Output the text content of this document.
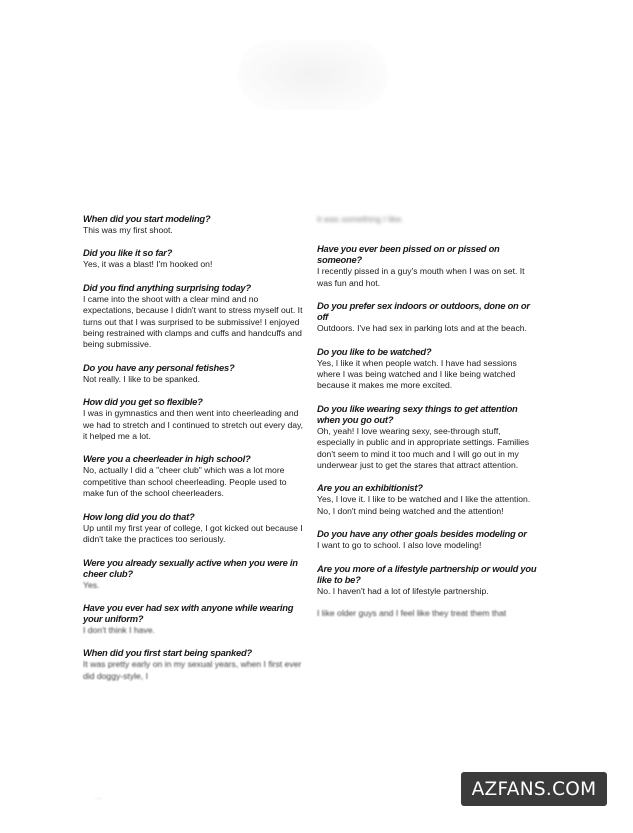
When did you start modeling?

This was my first shoot.

Did you like it so far?

Yes, it was a blast! I'm hooked on!

Did you find anything surprising today?

I came into the shoot with a clear mind and no expectations, because I didn't want to stress myself out. It turns out that I was surprised to be submissive! I enjoyed being restrained with clamps and cuffs and handcuffs and being submissive.

Do you have any personal fetishes?

Not really. I like to be spanked.

How did you get so flexible?

I was in gymnastics and then went into cheerleading and we had to stretch and I continued to stretch out every day, it helped me a lot.

Were you a cheerleader in high school?

No, actually I did a "cheer club" which was a lot more competitive than school cheerleading. People used to make fun of the school cheerleaders.

How long did you do that?

Up until my first year of college, I got kicked out because I didn't take the practices too seriously.

Were you already sexually active when you were in cheer club?

Yes.

Have you ever had sex with anyone while wearing your uniform?

I don't think I have.

When did you first start being spanked?

It was pretty early on in my sexual years, when I first ever did doggy-style, I

it was something I like.

Have you ever been pissed on or pissed on someone?

I recently pissed in a guy's mouth when I was on set. It was fun and hot.

Do you prefer sex indoors or outdoors, done on or off

Outdoors. I've had sex in parking lots and at the beach.

Do you like to be watched?

Yes, I like it when people watch. I have had sessions where I was being watched and I like being watched because it makes me more excited.

Do you like wearing sexy things to get attention when you go out?

Oh, yeah! I love wearing sexy, see-through stuff, especially in public and in appropriate settings. Families don't seem to mind it too much and I will go out in my underwear just to get the stares that attract attention.

Are you an exhibitionist?

Yes, I love it. I like to be watched and I like the attention. No, I don't mind being watched and the attention!

Do you have any other goals besides modeling or

I want to go to school. I also love modeling!

Are you more of a lifestyle partnership or would you like to be?

No. I haven't had a lot of lifestyle partnership.

I like older guys and I feel like they treat them that

...	AZFANS.COM
